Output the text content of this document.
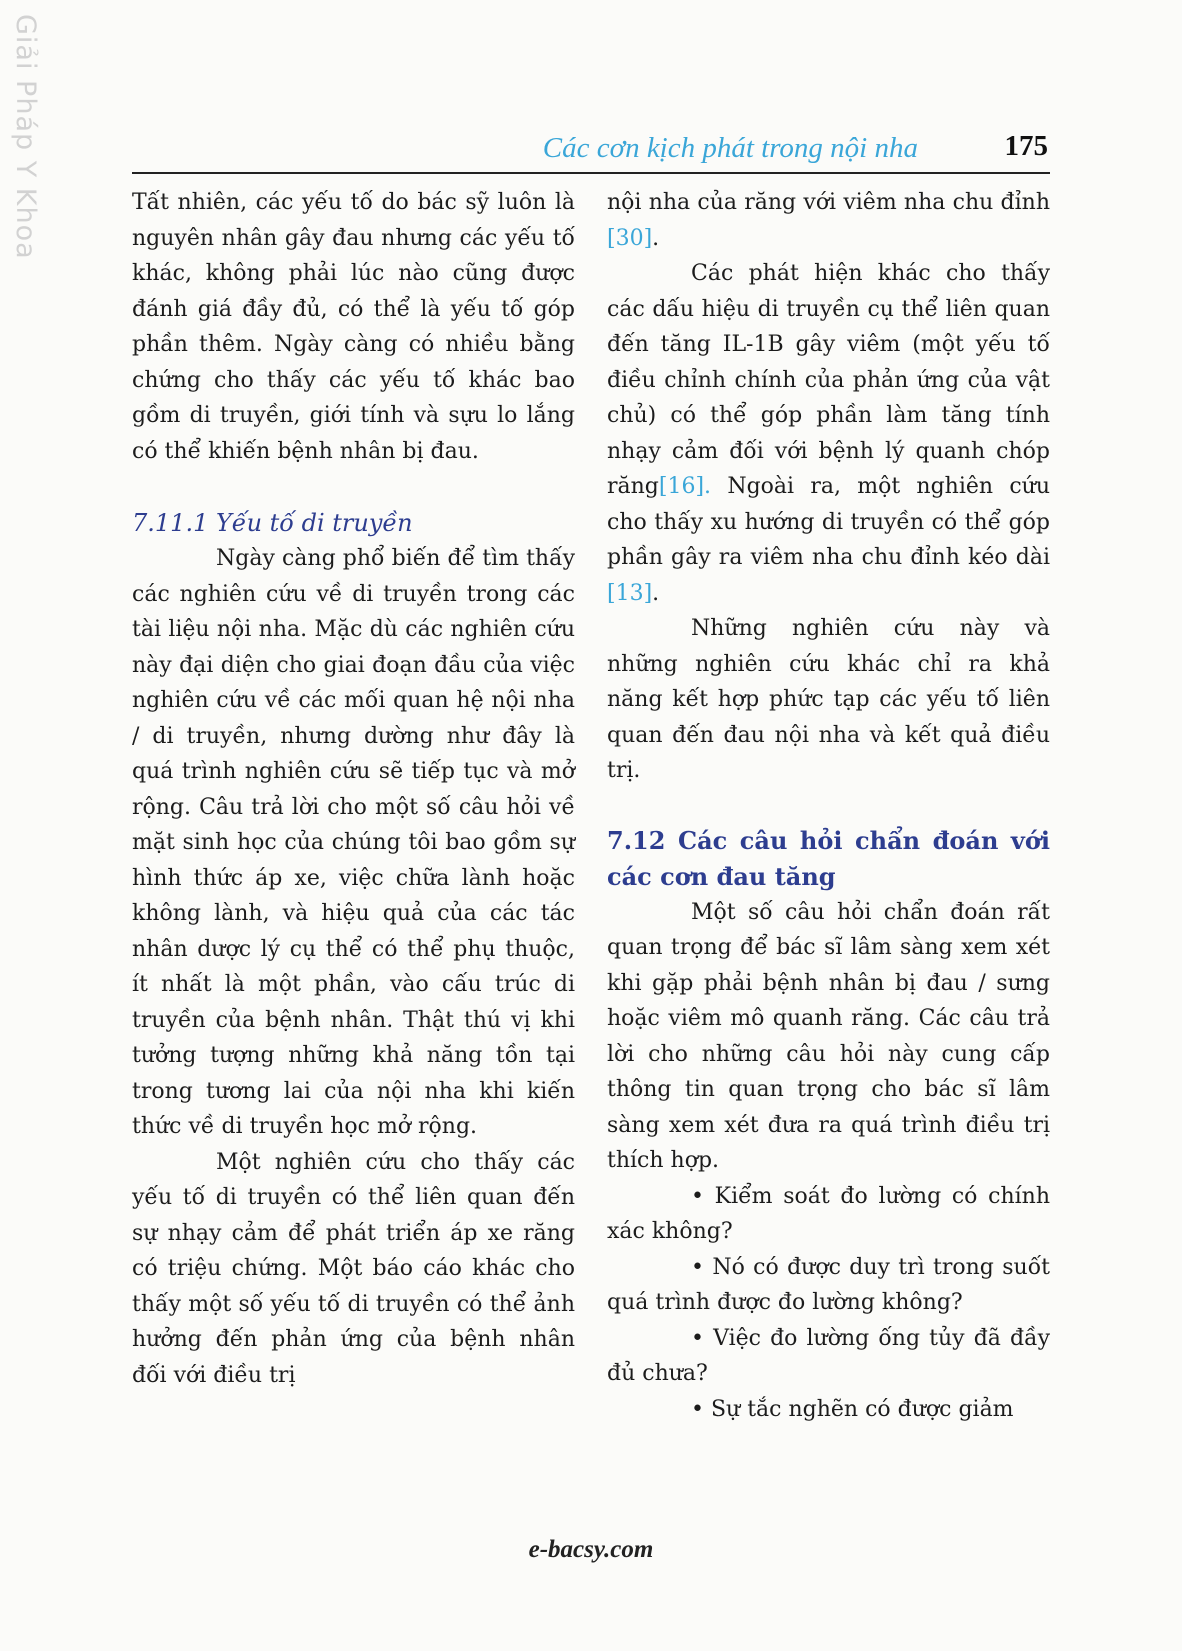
Giải Pháp Y Khoa	Các cơn kịch phát trong nội nha	175

Tất nhiên, các yếu tố do bác sỹ luôn là nguyên nhân gây đau nhưng các yếu tố khác, không phải lúc nào cũng được đánh giá đầy đủ, có thể là yếu tố góp phần thêm. Ngày càng có nhiều bằng chứng cho thấy các yếu tố khác bao gồm di truyền, giới tính và sựu lo lắng có thể khiến bệnh nhân bị đau.

7.11.1 Yếu tố di truyền

Ngày càng phổ biến để tìm thấy các nghiên cứu về di truyền trong các tài liệu nội nha. Mặc dù các nghiên cứu này đại diện cho giai đoạn đầu của việc nghiên cứu về các mối quan hệ nội nha / di truyền, nhưng dường như đây là quá trình nghiên cứu sẽ tiếp tục và mở rộng. Câu trả lời cho một số câu hỏi về mặt sinh học của chúng tôi bao gồm sự hình thức áp xe, việc chữa lành hoặc không lành, và hiệu quả của các tác nhân dược lý cụ thể có thể phụ thuộc, ít nhất là một phần, vào cấu trúc di truyền của bệnh nhân. Thật thú vị khi tưởng tượng những khả năng tồn tại trong tương lai của nội nha khi kiến thức về di truyền học mở rộng.

Một nghiên cứu cho thấy các yếu tố di truyền có thể liên quan đến sự nhạy cảm để phát triển áp xe răng có triệu chứng. Một báo cáo khác cho thấy một số yếu tố di truyền có thể ảnh hưởng đến phản ứng của bệnh nhân đối với điều trị

nội nha của răng với viêm nha chu đỉnh [30].

Các phát hiện khác cho thấy các dấu hiệu di truyền cụ thể liên quan đến tăng IL-1B gây viêm (một yếu tố điều chỉnh chính của phản ứng của vật chủ) có thể góp phần làm tăng tính nhạy cảm đối với bệnh lý quanh chóp răng[16]. Ngoài ra, một nghiên cứu cho thấy xu hướng di truyền có thể góp phần gây ra viêm nha chu đỉnh kéo dài [13].

Những nghiên cứu này và những nghiên cứu khác chỉ ra khả năng kết hợp phức tạp các yếu tố liên quan đến đau nội nha và kết quả điều trị.

7.12 Các câu hỏi chẩn đoán với các cơn đau tăng

Một số câu hỏi chẩn đoán rất quan trọng để bác sĩ lâm sàng xem xét khi gặp phải bệnh nhân bị đau / sưng hoặc viêm mô quanh răng. Các câu trả lời cho những câu hỏi này cung cấp thông tin quan trọng cho bác sĩ lâm sàng xem xét đưa ra quá trình điều trị thích hợp.

• Kiểm soát đo lường có chính xác không?

• Nó có được duy trì trong suốt quá trình được đo lường không?

• Việc đo lường ống tủy đã đầy đủ chưa?

• Sự tắc nghẽn có được giảm

e-bacsy.com
